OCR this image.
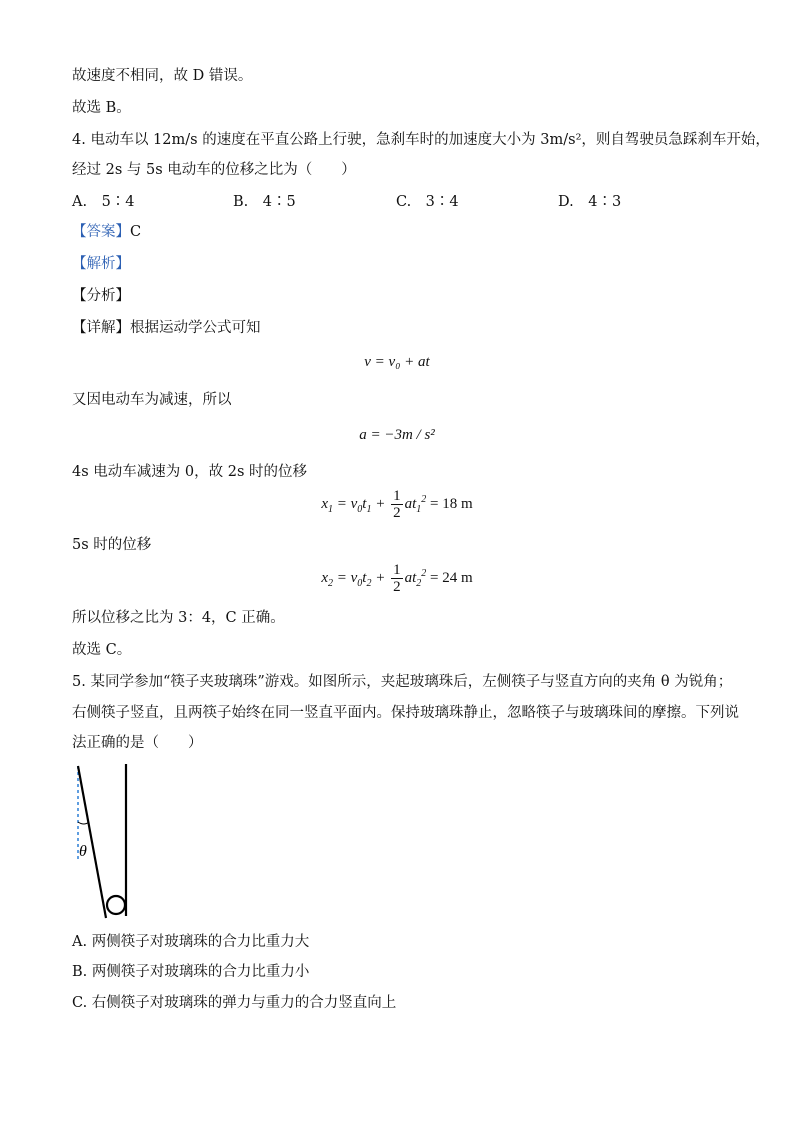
故速度不相同，故 D 错误。
故选 B。
4. 电动车以 12m/s 的速度在平直公路上行驶，急刹车时的加速度大小为 3m/s²，则自驾驶员急踩刹车开始，
经过 2s 与 5s 电动车的位移之比为（　　）
A.　5∶4	B.　4∶5	C.　3∶4	D.　4∶3
【答案】C
【解析】
【分析】
【详解】根据运动学公式可知
v = v₀ + at
又因电动车为减速，所以
a = −3m / s²
4s 电动车减速为 0，故 2s 时的位移
$x_1 = v_0t_1 + \frac{1}{2} at_1^2 = 18$ m
5s 时的位移
$x_2 = v_0t_2 + \frac{1}{2} at_2^2 = 24$ m
所以位移之比为 3：4，C 正确。
故选 C。
5. 某同学参加“筷子夹玻璃珠”游戏。如图所示，夹起玻璃珠后，左侧筷子与竖直方向的夹角 θ 为锐角；
右侧筷子竖直，且两筷子始终在同一竖直平面内。保持玻璃珠静止，忽略筷子与玻璃珠间的摩擦。下列说
法正确的是（　　）
θ
A. 两侧筷子对玻璃珠的合力比重力大
B. 两侧筷子对玻璃珠的合力比重力小
C. 右侧筷子对玻璃珠的弹力与重力的合力竖直向上
